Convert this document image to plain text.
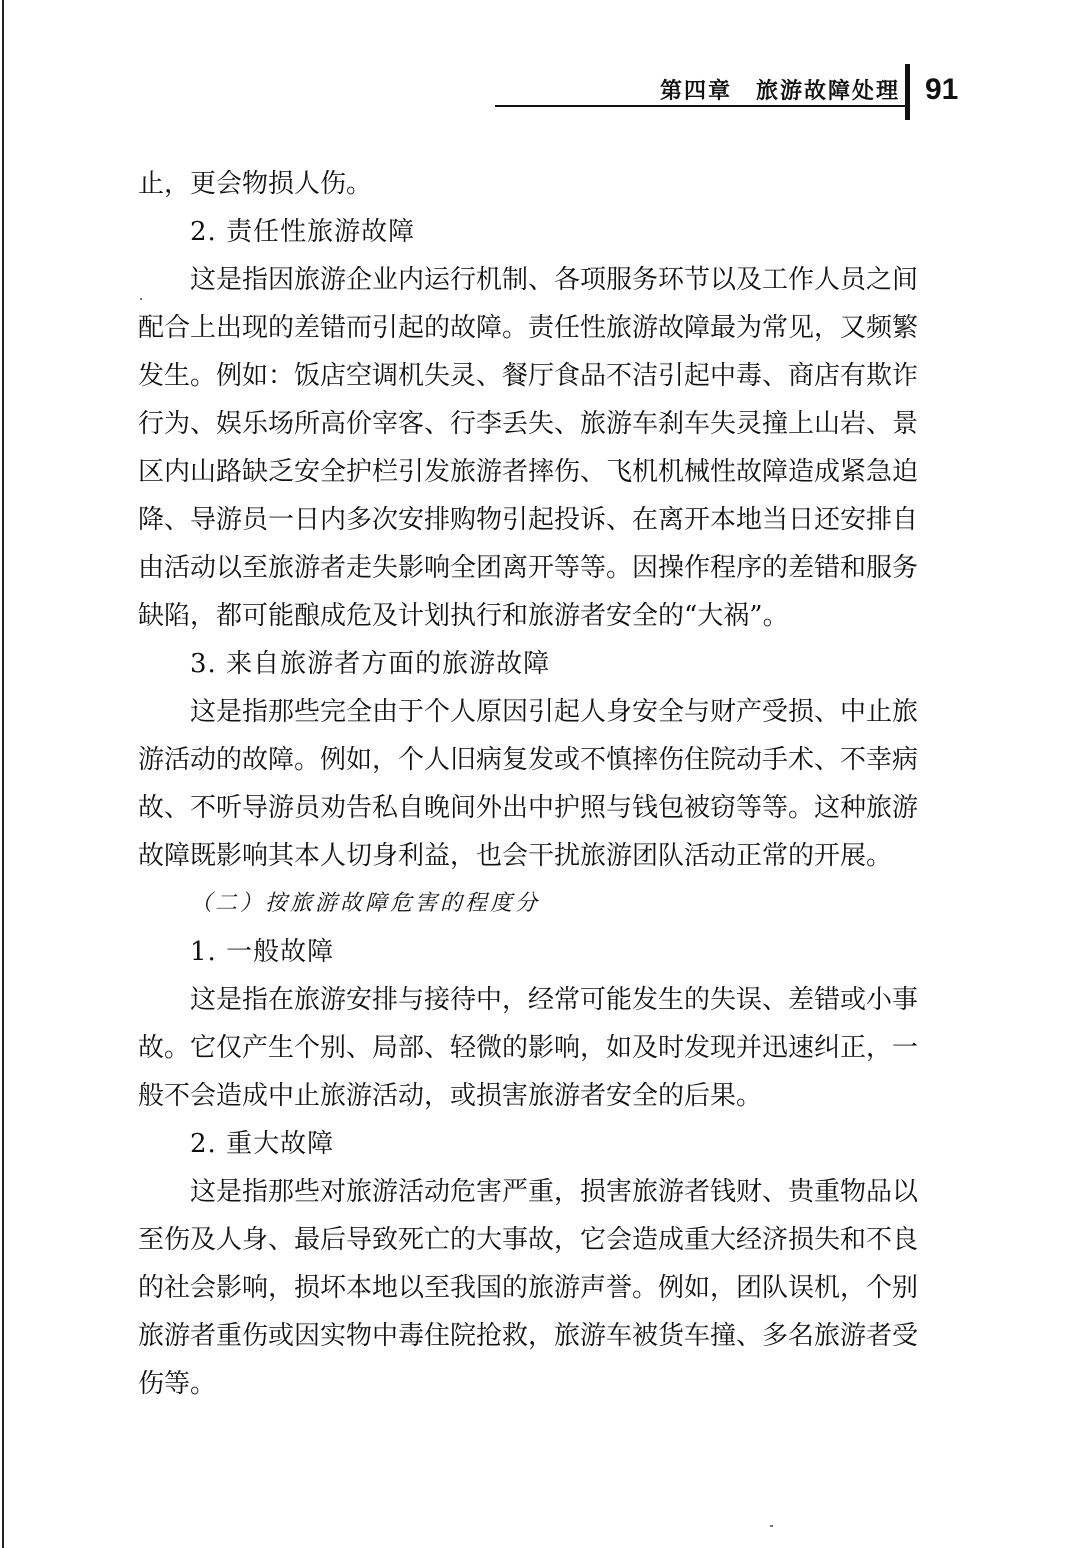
第四章　旅游故障处理 91

止，更会物损人伤。

2. 责任性旅游故障

这是指因旅游企业内运行机制、各项服务环节以及工作人员之间配合上出现的差错而引起的故障。责任性旅游故障最为常见，又频繁发生。例如：饭店空调机失灵、餐厅食品不洁引起中毒、商店有欺诈行为、娱乐场所高价宰客、行李丢失、旅游车刹车失灵撞上山岩、景区内山路缺乏安全护栏引发旅游者摔伤、飞机机械性故障造成紧急迫降、导游员一日内多次安排购物引起投诉、在离开本地当日还安排自由活动以至旅游者走失影响全团离开等等。因操作程序的差错和服务缺陷，都可能酿成危及计划执行和旅游者安全的“大祸”。

3. 来自旅游者方面的旅游故障

这是指那些完全由于个人原因引起人身安全与财产受损、中止旅游活动的故障。例如，个人旧病复发或不慎摔伤住院动手术、不幸病故、不听导游员劝告私自晚间外出中护照与钱包被窃等等。这种旅游故障既影响其本人切身利益，也会干扰旅游团队活动正常的开展。

（二）按旅游故障危害的程度分

1. 一般故障

这是指在旅游安排与接待中，经常可能发生的失误、差错或小事故。它仅产生个别、局部、轻微的影响，如及时发现并迅速纠正，一般不会造成中止旅游活动，或损害旅游者安全的后果。

2. 重大故障

这是指那些对旅游活动危害严重，损害旅游者钱财、贵重物品以至伤及人身、最后导致死亡的大事故，它会造成重大经济损失和不良的社会影响，损坏本地以至我国的旅游声誉。例如，团队误机，个别旅游者重伤或因实物中毒住院抢救，旅游车被货车撞、多名旅游者受伤等。
